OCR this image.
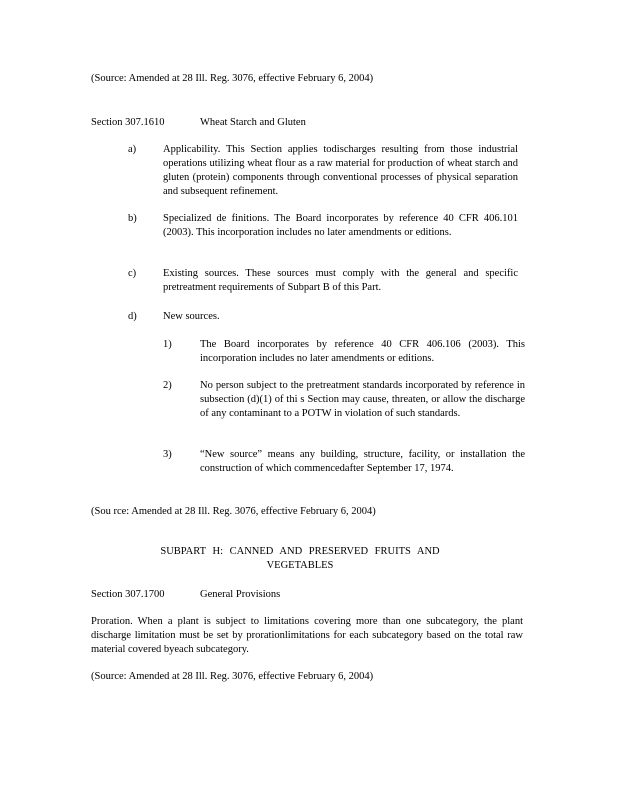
(Source: Amended at 28 Ill. Reg. 3076, effective February 6, 2004)

Section 307.1610	Wheat Starch and Gluten

a)	Applicability. This Section applies todischarges resulting from those industrial operations utilizing wheat flour as a raw material for production of wheat starch and gluten (protein) components through conventional processes of physical separation and subsequent refinement.

b)	Specialized de finitions. The Board incorporates by reference 40 CFR 406.101 (2003). This incorporation includes no later amendments or editions.

c)	Existing sources. These sources must comply with the general and specific pretreatment requirements of Subpart B of this Part.

d)	New sources.

1)	The Board incorporates by reference 40 CFR 406.106 (2003). This incorporation includes no later amendments or editions.

2)	No person subject to the pretreatment standards incorporated by reference in subsection (d)(1) of thi s Section may cause, threaten, or allow the discharge of any contaminant to a POTW in violation of such standards.

3)	“New source” means any building, structure, facility, or installation the construction of which commencedafter September 17, 1974.

(Sou rce: Amended at 28 Ill. Reg. 3076, effective February 6, 2004)

SUBPART H: CANNED AND PRESERVED FRUITS AND

VEGETABLES

Section 307.1700	General Provisions

Proration. When a plant is subject to limitations covering more than one subcategory, the plant discharge limitation must be set by prorationlimitations for each subcategory based on the total raw material covered byeach subcategory.

(Source: Amended at 28 Ill. Reg. 3076, effective February 6, 2004)
